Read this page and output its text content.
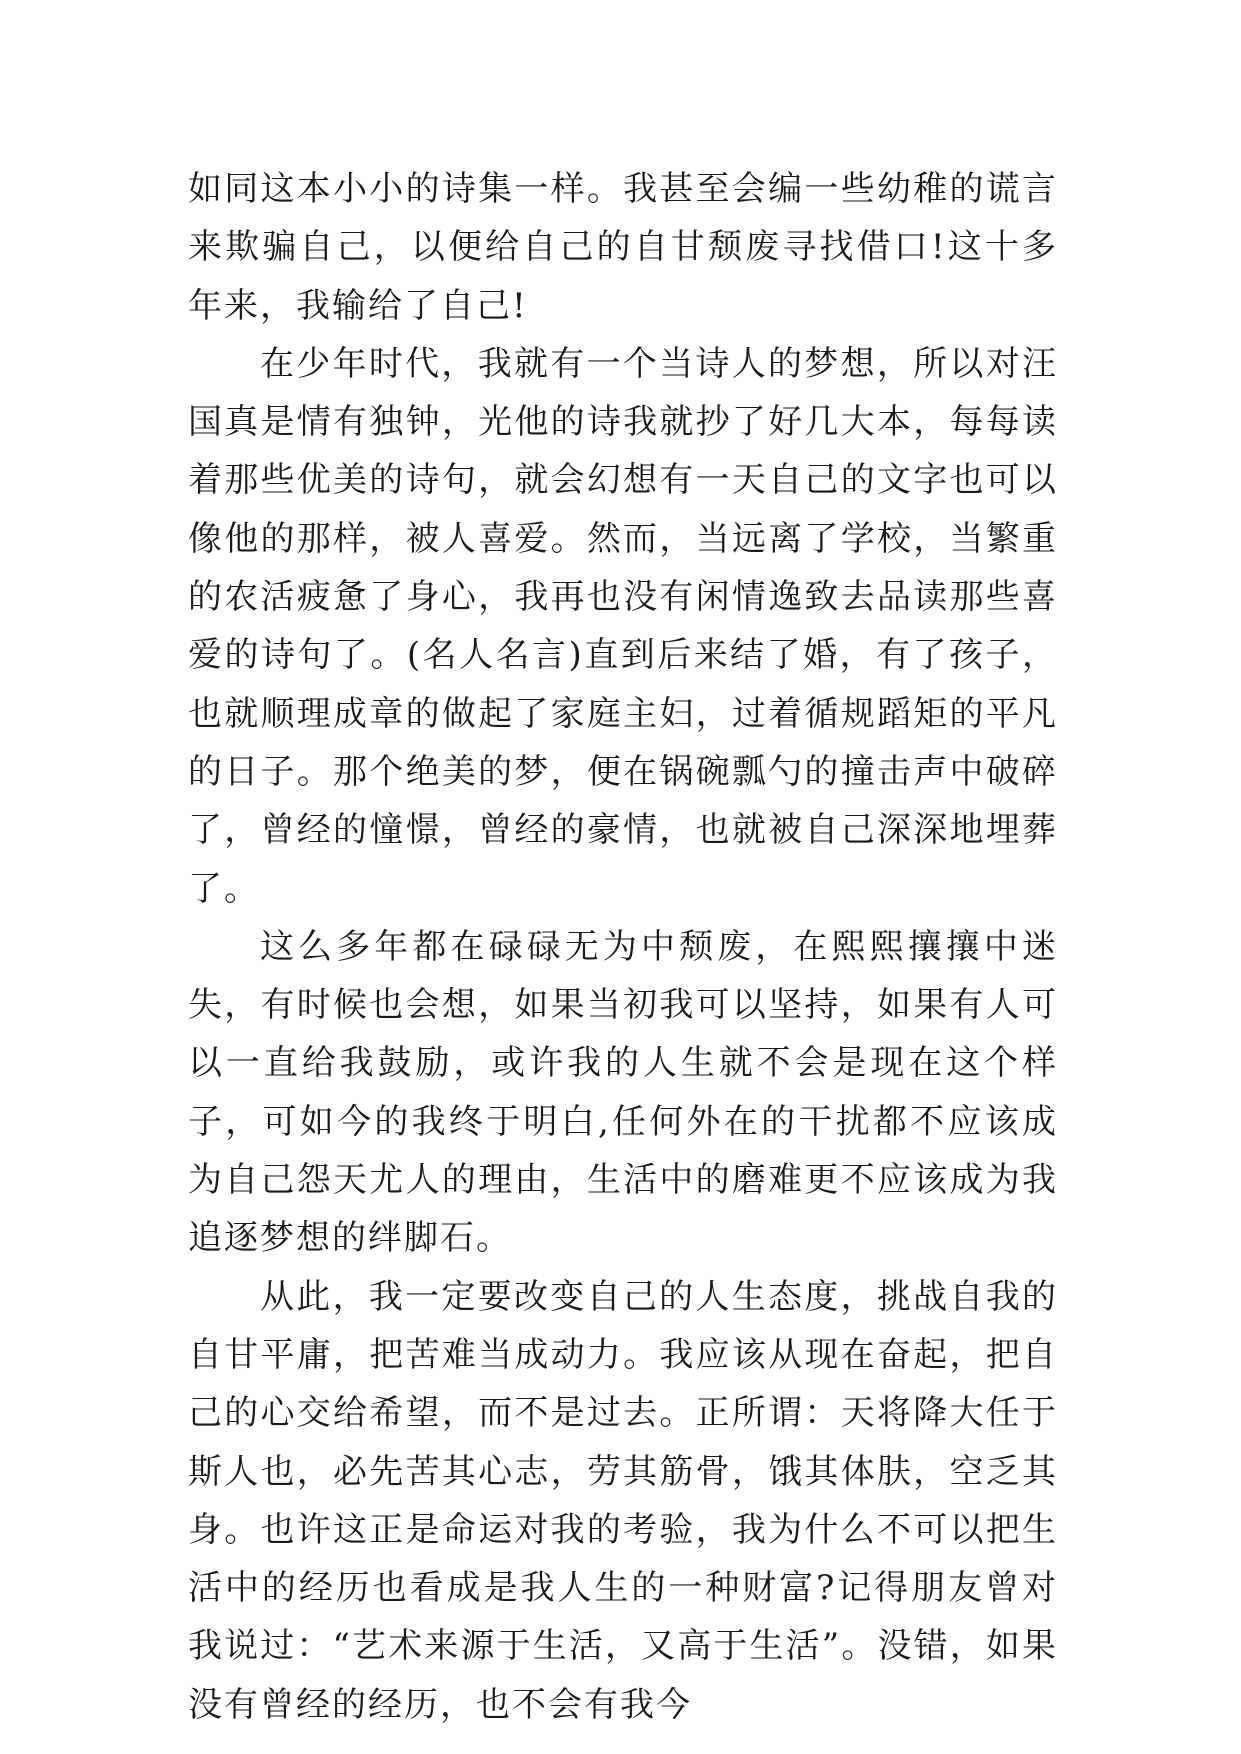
如同这本小小的诗集一样。我甚至会编一些幼稚的谎言来欺骗自己，以便给自己的自甘颓废寻找借口!这十多年来，我输给了自己!

在少年时代，我就有一个当诗人的梦想，所以对汪国真是情有独钟，光他的诗我就抄了好几大本，每每读着那些优美的诗句，就会幻想有一天自己的文字也可以像他的那样，被人喜爱。然而，当远离了学校，当繁重的农活疲惫了身心，我再也没有闲情逸致去品读那些喜爱的诗句了。(名人名言)直到后来结了婚，有了孩子，也就顺理成章的做起了家庭主妇，过着循规蹈矩的平凡的日子。那个绝美的梦，便在锅碗瓢勺的撞击声中破碎了，曾经的憧憬，曾经的豪情，也就被自己深深地埋葬了。

这么多年都在碌碌无为中颓废，在熙熙攘攘中迷失，有时候也会想，如果当初我可以坚持，如果有人可以一直给我鼓励，或许我的人生就不会是现在这个样子，可如今的我终于明白,任何外在的干扰都不应该成为自己怨天尤人的理由，生活中的磨难更不应该成为我追逐梦想的绊脚石。

从此，我一定要改变自己的人生态度，挑战自我的自甘平庸，把苦难当成动力。我应该从现在奋起，把自己的心交给希望，而不是过去。正所谓：天将降大任于斯人也，必先苦其心志，劳其筋骨，饿其体肤，空乏其身。也许这正是命运对我的考验，我为什么不可以把生活中的经历也看成是我人生的一种财富?记得朋友曾对我说过：“艺术来源于生活，又高于生活”。没错，如果没有曾经的经历，也不会有我今
